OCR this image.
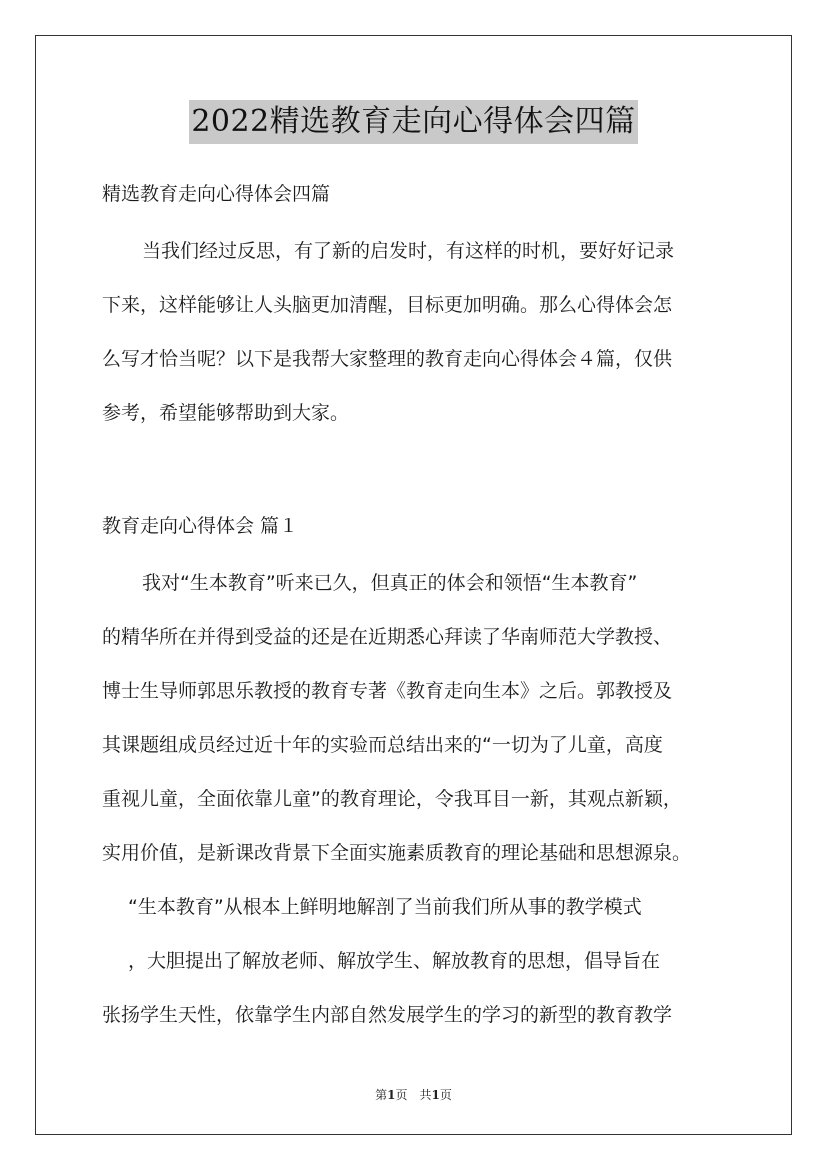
2022精选教育走向心得体会四篇

精选教育走向心得体会四篇

当我们经过反思，有了新的启发时，有这样的时机，要好好记录
下来，这样能够让人头脑更加清醒，目标更加明确。那么心得体会怎
么写才恰当呢？以下是我帮大家整理的教育走向心得体会４篇，仅供
参考，希望能够帮助到大家。

教育走向心得体会 篇１

我对“生本教育”听来已久，但真正的体会和领悟“生本教育”
的精华所在并得到受益的还是在近期悉心拜读了华南师范大学教授、
博士生导师郭思乐教授的教育专著《教育走向生本》之后。郭教授及
其课题组成员经过近十年的实验而总结出来的“一切为了儿童，高度
重视儿童，全面依靠儿童”的教育理论，令我耳目一新，其观点新颖，
实用价值，是新课改背景下全面实施素质教育的理论基础和思想源泉。
“生本教育”从根本上鲜明地解剖了当前我们所从事的教学模式
，大胆提出了解放老师、解放学生、解放教育的思想，倡导旨在
张扬学生天性，依靠学生内部自然发展学生的学习的新型的教育教学
第1页　共1页
